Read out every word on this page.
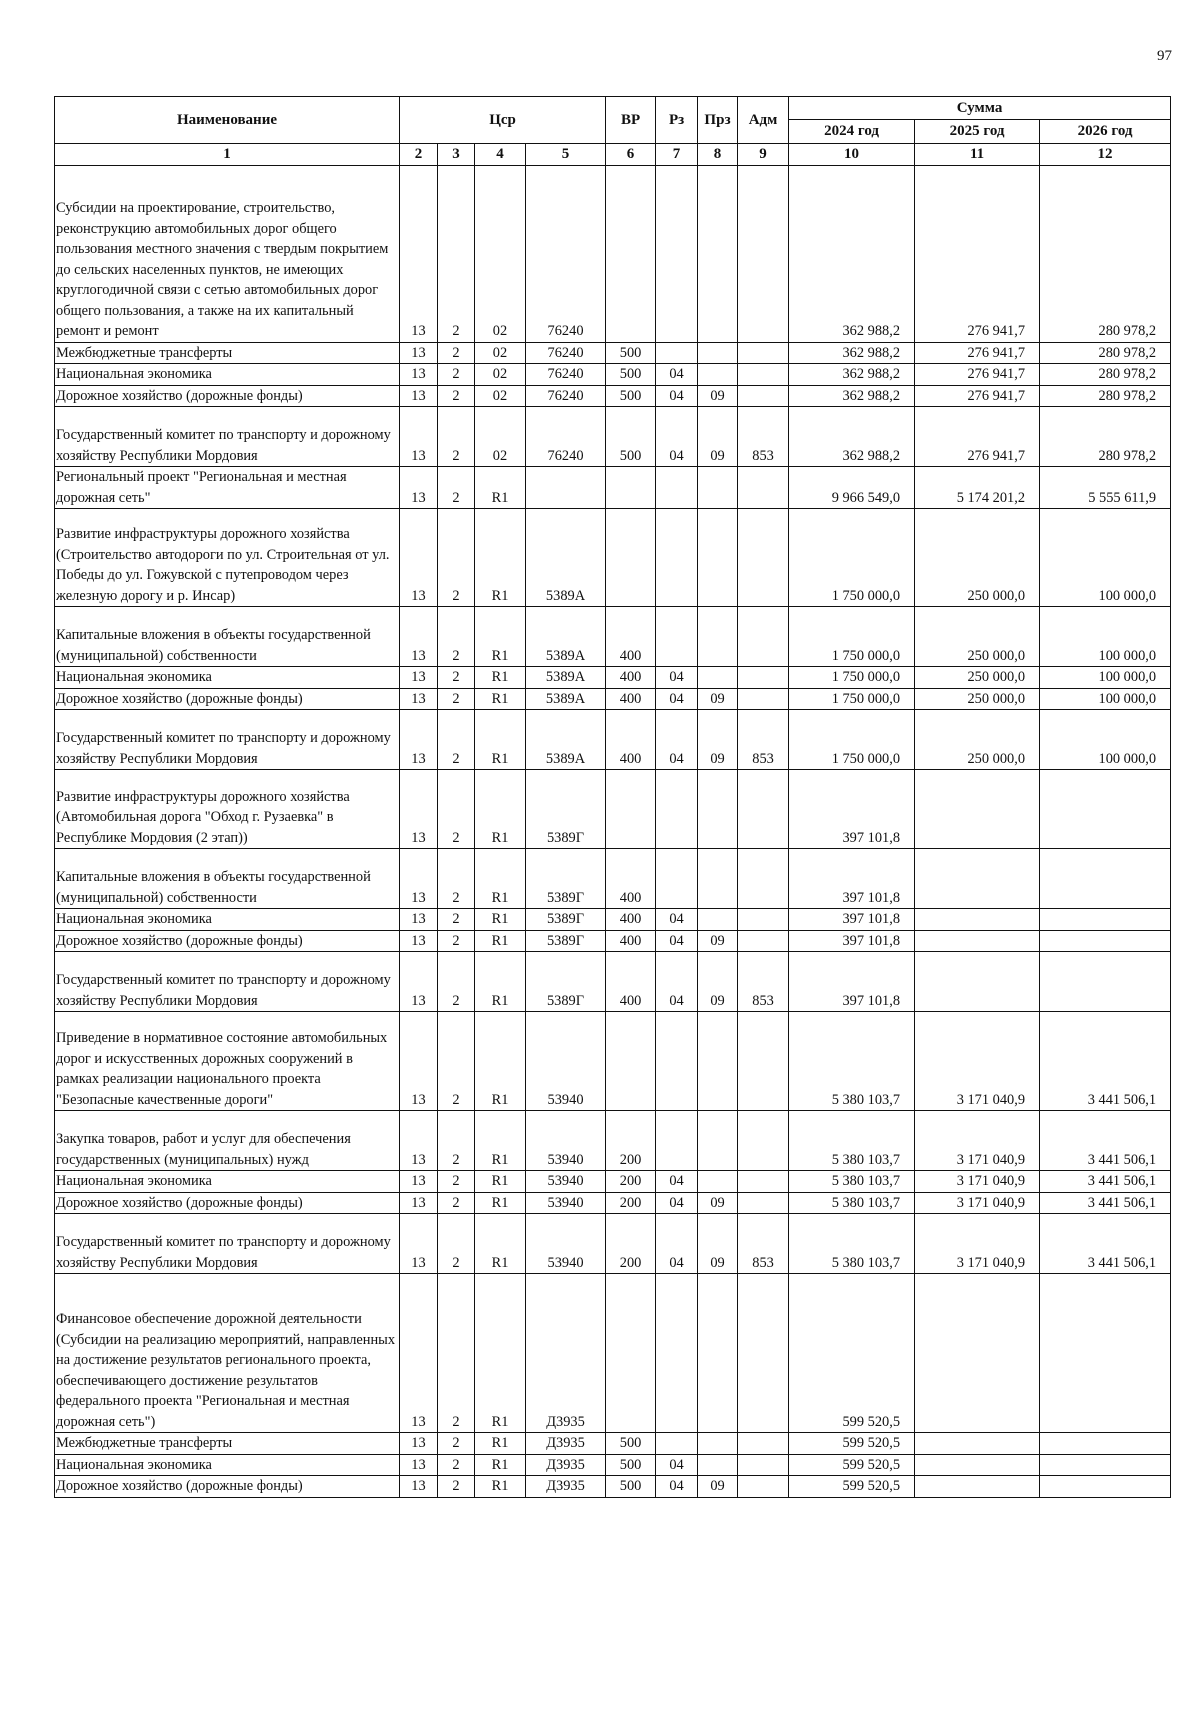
97
Наименование	Цср				ВР	Рз	Прз	Адм	Сумма		
									2024 год	2025 год	2026 год
1	2	3	4	5	6	7	8	9	10	11	12
Субсидии на проектирование, строительство, реконструкцию автомобильных дорог общего пользования местного значения с твердым покрытием до сельских населенных пунктов, не имеющих круглогодичной связи с сетью автомобильных дорог общего пользования, а также на их капитальный ремонт и ремонт	13	2	02	76240					362 988,2	276 941,7	280 978,2
Межбюджетные трансферты	13	2	02	76240	500				362 988,2	276 941,7	280 978,2
Национальная экономика	13	2	02	76240	500	04			362 988,2	276 941,7	280 978,2
Дорожное хозяйство (дорожные фонды)	13	2	02	76240	500	04	09		362 988,2	276 941,7	280 978,2
Государственный комитет по транспорту и дорожному хозяйству Республики Мордовия	13	2	02	76240	500	04	09	853	362 988,2	276 941,7	280 978,2
Региональный проект "Региональная и местная дорожная сеть"	13	2	R1						9 966 549,0	5 174 201,2	5 555 611,9
Развитие инфраструктуры дорожного хозяйства (Строительство автодороги по ул. Строительная от ул. Победы до ул. Гожувской с путепроводом через железную дорогу и р. Инсар)	13	2	R1	5389А					1 750 000,0	250 000,0	100 000,0
Капитальные вложения в объекты государственной (муниципальной) собственности	13	2	R1	5389А	400				1 750 000,0	250 000,0	100 000,0
Национальная экономика	13	2	R1	5389А	400	04			1 750 000,0	250 000,0	100 000,0
Дорожное хозяйство (дорожные фонды)	13	2	R1	5389А	400	04	09		1 750 000,0	250 000,0	100 000,0
Государственный комитет по транспорту и дорожному хозяйству Республики Мордовия	13	2	R1	5389А	400	04	09	853	1 750 000,0	250 000,0	100 000,0
Развитие инфраструктуры дорожного хозяйства (Автомобильная дорога "Обход г. Рузаевка" в Республике Мордовия (2 этап))	13	2	R1	5389Г					397 101,8		
Капитальные вложения в объекты государственной (муниципальной) собственности	13	2	R1	5389Г	400				397 101,8		
Национальная экономика	13	2	R1	5389Г	400	04			397 101,8		
Дорожное хозяйство (дорожные фонды)	13	2	R1	5389Г	400	04	09		397 101,8		
Государственный комитет по транспорту и дорожному хозяйству Республики Мордовия	13	2	R1	5389Г	400	04	09	853	397 101,8		
Приведение в нормативное состояние автомобильных дорог и искусственных дорожных сооружений в рамках реализации национального проекта "Безопасные качественные дороги"	13	2	R1	53940					5 380 103,7	3 171 040,9	3 441 506,1
Закупка товаров, работ и услуг для обеспечения государственных (муниципальных) нужд	13	2	R1	53940	200				5 380 103,7	3 171 040,9	3 441 506,1
Национальная экономика	13	2	R1	53940	200	04			5 380 103,7	3 171 040,9	3 441 506,1
Дорожное хозяйство (дорожные фонды)	13	2	R1	53940	200	04	09		5 380 103,7	3 171 040,9	3 441 506,1
Государственный комитет по транспорту и дорожному хозяйству Республики Мордовия	13	2	R1	53940	200	04	09	853	5 380 103,7	3 171 040,9	3 441 506,1
Финансовое обеспечение дорожной деятельности (Субсидии на реализацию мероприятий, направленных на достижение результатов регионального проекта, обеспечивающего достижение результатов федерального проекта "Региональная и местная дорожная сеть")	13	2	R1	Д3935					599 520,5		
Межбюджетные трансферты	13	2	R1	Д3935	500				599 520,5		
Национальная экономика	13	2	R1	Д3935	500	04			599 520,5		
Дорожное хозяйство (дорожные фонды)	13	2	R1	Д3935	500	04	09		599 520,5		
